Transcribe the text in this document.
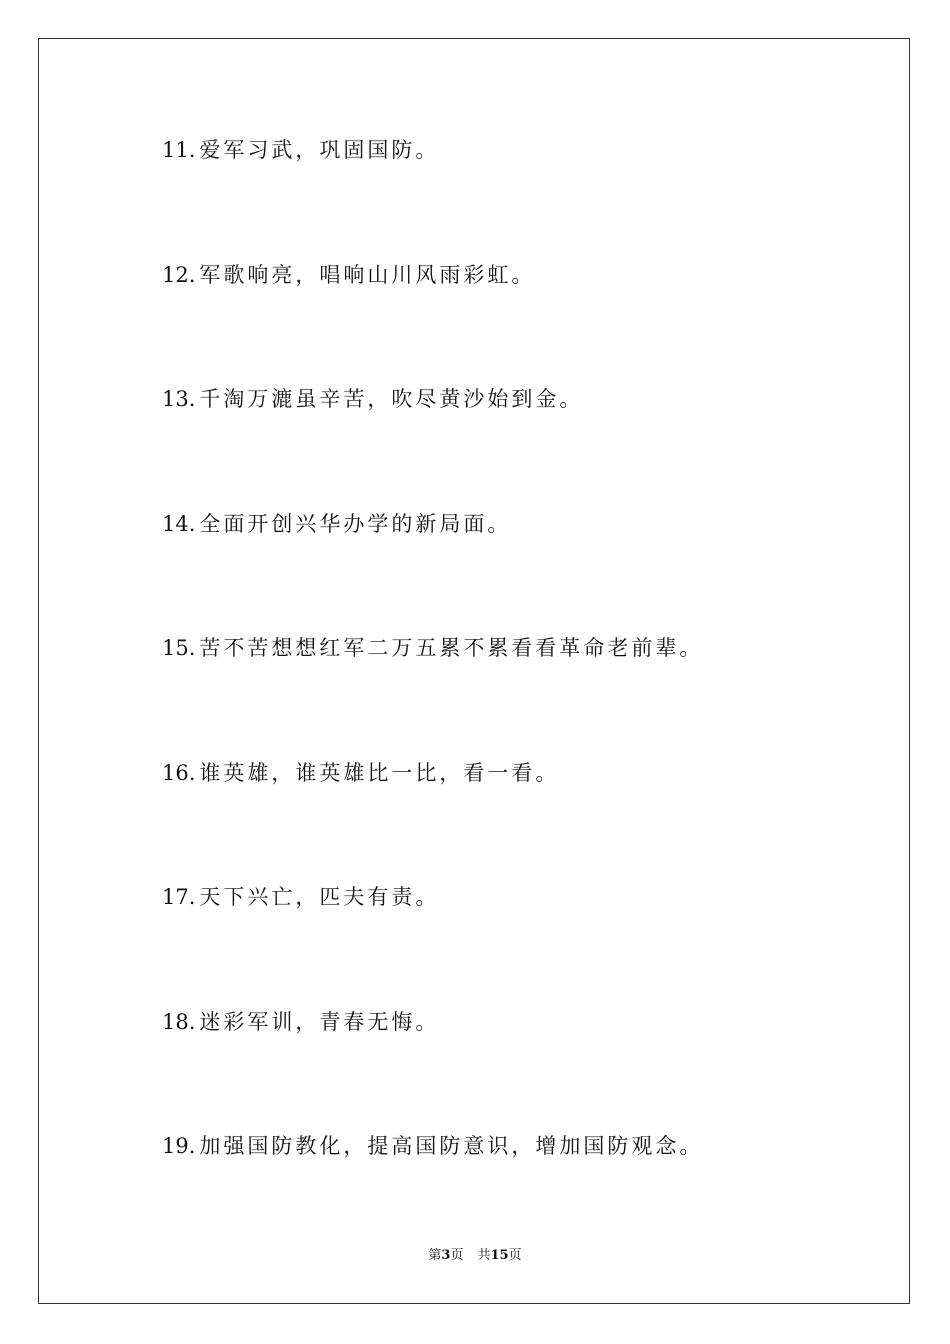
11. 爱军习武，巩固国防。
12. 军歌响亮，唱响山川风雨彩虹。
13. 千淘万漉虽辛苦，吹尽黄沙始到金。
14. 全面开创兴华办学的新局面。
15. 苦不苦想想红军二万五累不累看看革命老前辈。
16. 谁英雄，谁英雄比一比，看一看。
17. 天下兴亡，匹夫有责。
18. 迷彩军训，青春无悔。
19. 加强国防教化，提高国防意识，增加国防观念。
第3页 共15页
